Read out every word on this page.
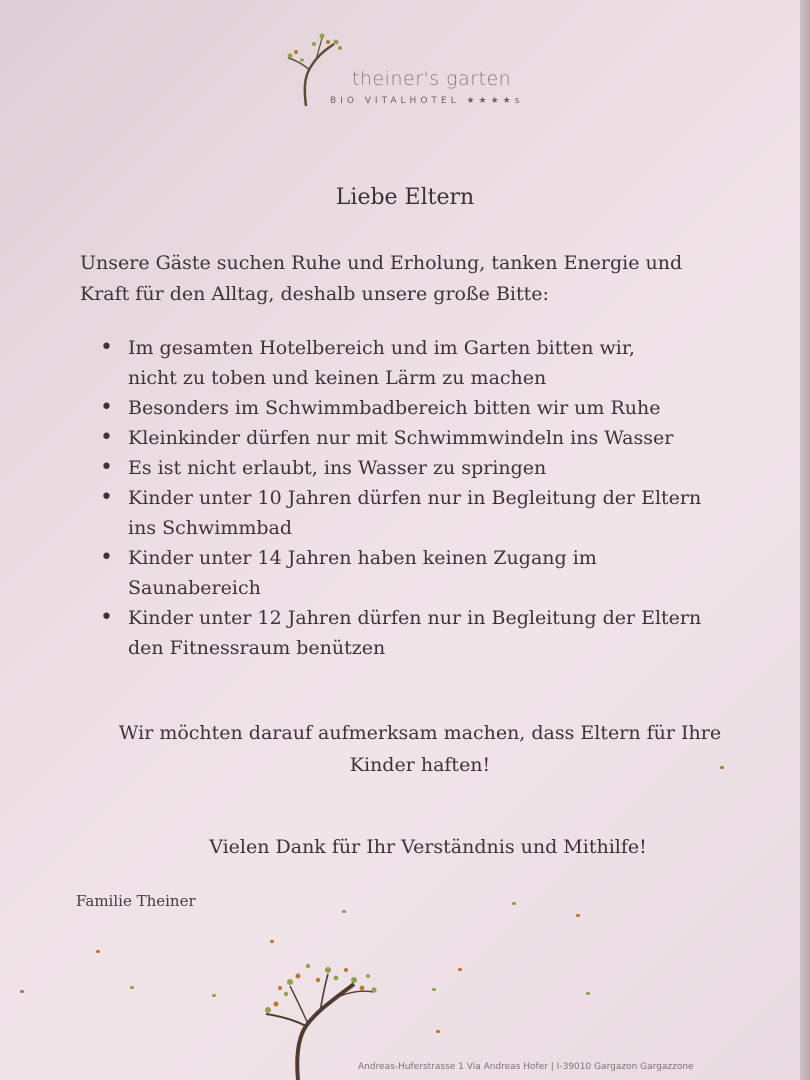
theiner's garten
BIO VITALHOTEL ★★★★s
Liebe Eltern
Unsere Gäste suchen Ruhe und Erholung, tanken Energie und
Kraft für den Alltag, deshalb unsere große Bitte:
• Im gesamten Hotelbereich und im Garten bitten wir,
nicht zu toben und keinen Lärm zu machen
• Besonders im Schwimmbadbereich bitten wir um Ruhe
• Kleinkinder dürfen nur mit Schwimmwindeln ins Wasser
• Es ist nicht erlaubt, ins Wasser zu springen
• Kinder unter 10 Jahren dürfen nur in Begleitung der Eltern
ins Schwimmbad
• Kinder unter 14 Jahren haben keinen Zugang im
Saunabereich
• Kinder unter 12 Jahren dürfen nur in Begleitung der Eltern
den Fitnessraum benützen
Wir möchten darauf aufmerksam machen, dass Eltern für Ihre
Kinder haften!
Vielen Dank für Ihr Verständnis und Mithilfe!
Familie Theiner
Andreas-Huferstrasse 1 Via Andreas Hofer | I-39010 Gargazon Gargazzone
